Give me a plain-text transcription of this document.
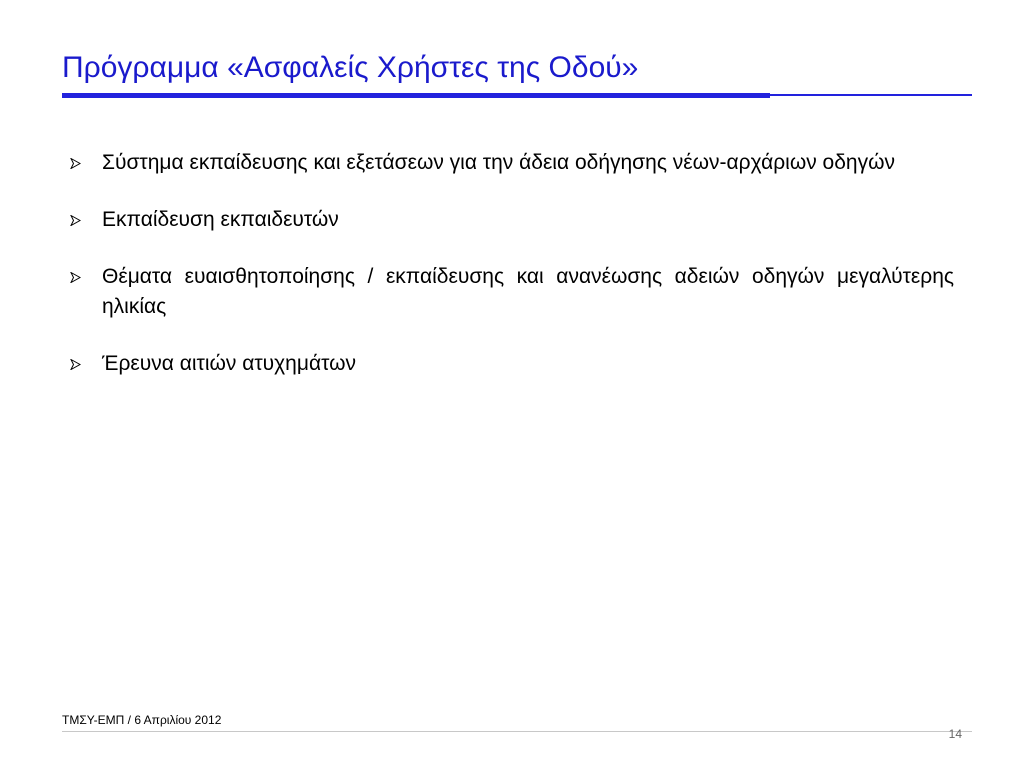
Πρόγραμμα «Ασφαλείς Χρήστες της Οδού»
Σύστημα εκπαίδευσης και εξετάσεων για την άδεια οδήγησης νέων-αρχάριων οδηγών
Εκπαίδευση εκπαιδευτών
Θέματα ευαισθητοποίησης / εκπαίδευσης και ανανέωσης αδειών οδηγών μεγαλύτερης ηλικίας
Έρευνα αιτιών ατυχημάτων
ΤΜΣΥ-ΕΜΠ / 6 Απριλίου 2012
14
